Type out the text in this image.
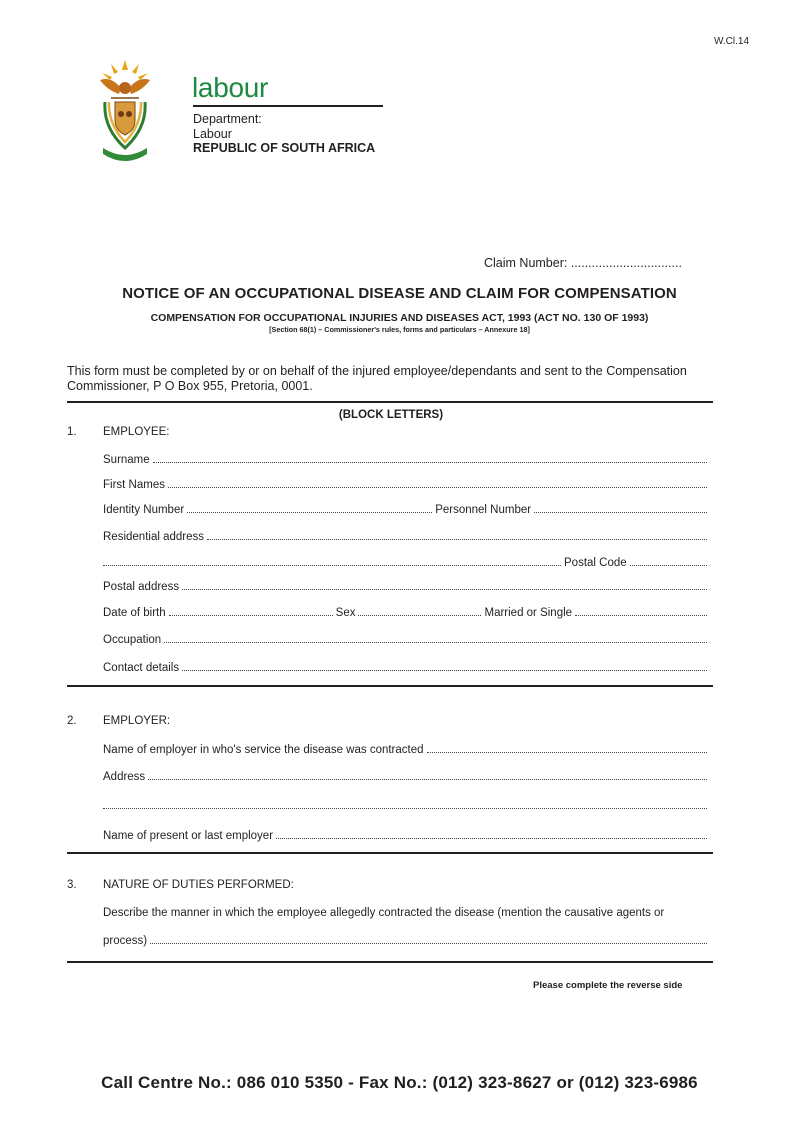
W.Cl.14
labour
Department:
Labour
REPUBLIC OF SOUTH AFRICA
Claim Number: ................................
NOTICE OF AN OCCUPATIONAL DISEASE AND CLAIM FOR COMPENSATION
COMPENSATION FOR OCCUPATIONAL INJURIES AND DISEASES ACT, 1993 (ACT NO. 130 OF 1993)
[Section 68(1) – Commissioner's rules, forms and particulars – Annexure 18]
This form must be completed by or on behalf of the injured employee/dependants and sent to the Compensation Commissioner, P O Box 955, Pretoria, 0001.
(BLOCK LETTERS)
1. EMPLOYEE:
Surname
First Names
Identity Number	Personnel Number
Residential address
Postal Code
Postal address
Date of birth	Sex	Married or Single
Occupation
Contact details
2. EMPLOYER:
Name of employer in who's service the disease was contracted
Address
Name of present or last employer
3. NATURE OF DUTIES PERFORMED:
Describe the manner in which the employee allegedly contracted the disease (mention the causative agents or
process)
Please complete the reverse side
Call Centre No.: 086 010 5350 - Fax No.: (012) 323-8627 or (012) 323-6986
